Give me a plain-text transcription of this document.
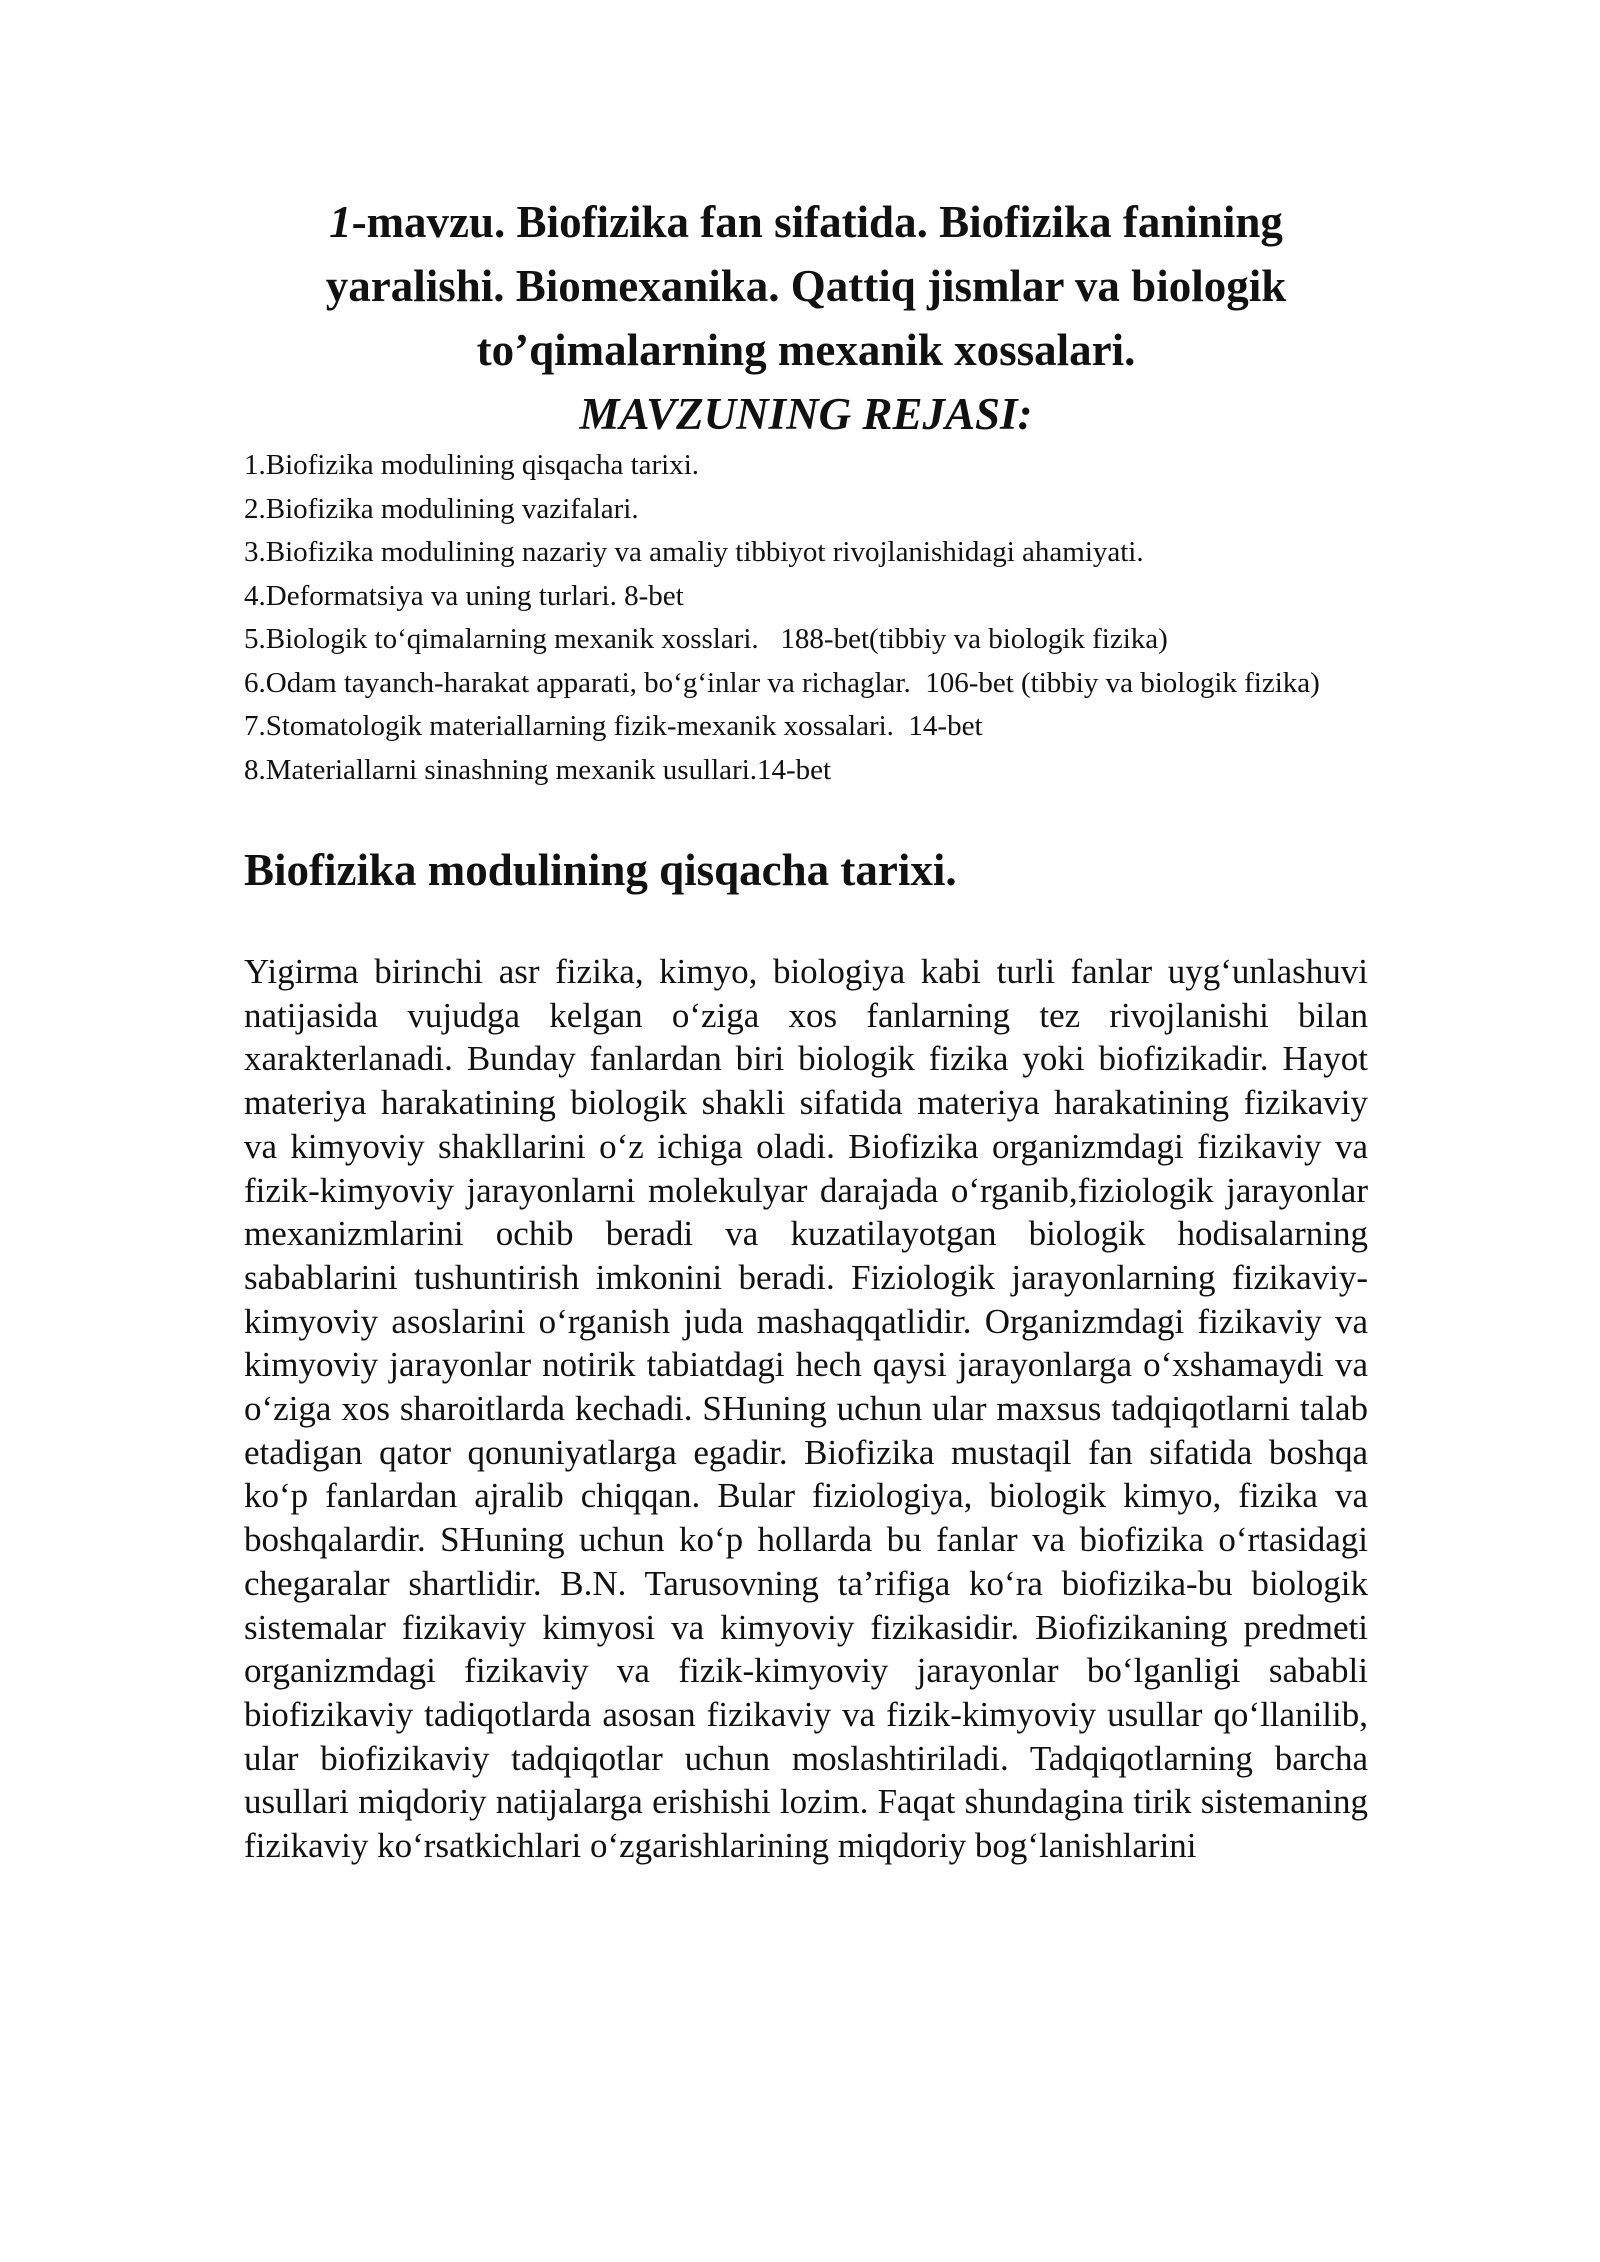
1-mavzu. Biofizika fan sifatida. Biofizika fanining yaralishi. Biomexanika. Qattiq jismlar va biologik to’qimalarning mexanik xossalari.
MAVZUNING REJASI:
1.Biofizika modulining qisqacha tarixi.
2.Biofizika modulining vazifalari.
3.Biofizika modulining nazariy va amaliy tibbiyot rivojlanishidagi ahamiyati.
4.Deformatsiya va uning turlari. 8-bet
5.Biologik to‘qimalarning mexanik xosslari.   188-bet(tibbiy va biologik fizika)
6.Odam tayanch-harakat apparati, bo‘g‘inlar va richaglar.  106-bet (tibbiy va biologik fizika)
7.Stomatologik materiallarning fizik-mexanik xossalari.  14-bet
8.Materiallarni sinashning mexanik usullari.14-bet
Biofizika modulining qisqacha tarixi.

Yigirma birinchi asr fizika, kimyo, biologiya kabi turli fanlar uyg‘unlashuvi natijasida vujudga kelgan o‘ziga xos fanlarning tez rivojlanishi bilan xarakterlanadi. Bunday fanlardan biri biologik fizika yoki biofizikadir. Hayot materiya harakatining biologik shakli sifatida materiya harakatining fizikaviy va kimyoviy shakllarini o‘z ichiga oladi. Biofizika organizmdagi fizikaviy va fizik-kimyoviy jarayonlarni molekulyar darajada o‘rganib,fiziologik jarayonlar mexanizmlarini ochib beradi va kuzatilayotgan biologik hodisalarning sabablarini tushuntirish imkonini beradi. Fiziologik jarayonlarning fizikaviy-kimyoviy asoslarini o‘rganish juda mashaqqatlidir. Organizmdagi fizikaviy va kimyoviy jarayonlar notirik tabiatdagi hech qaysi jarayonlarga o‘xshamaydi va o‘ziga xos sharoitlarda kechadi. SHuning uchun ular maxsus tadqiqotlarni talab etadigan qator qonuniyatlarga egadir. Biofizika mustaqil fan sifatida boshqa ko‘p fanlardan ajralib chiqqan. Bular fiziologiya, biologik kimyo, fizika va boshqalardir. SHuning uchun ko‘p hollarda bu fanlar va biofizika o‘rtasidagi chegaralar shartlidir. B.N. Tarusovning ta’rifiga ko‘ra biofizika-bu biologik sistemalar fizikaviy kimyosi va kimyoviy fizikasidir. Biofizikaning predmeti organizmdagi fizikaviy va fizik-kimyoviy jarayonlar bo‘lganligi sababli biofizikaviy tadiqotlarda asosan fizikaviy va fizik-kimyoviy usullar qo‘llanilib, ular biofizikaviy tadqiqotlar uchun moslashtiriladi. Tadqiqotlarning barcha usullari miqdoriy natijalarga erishishi lozim. Faqat shundagina tirik sistemaning fizikaviy ko‘rsatkichlari o‘zgarishlarining miqdoriy bog‘lanishlarini
